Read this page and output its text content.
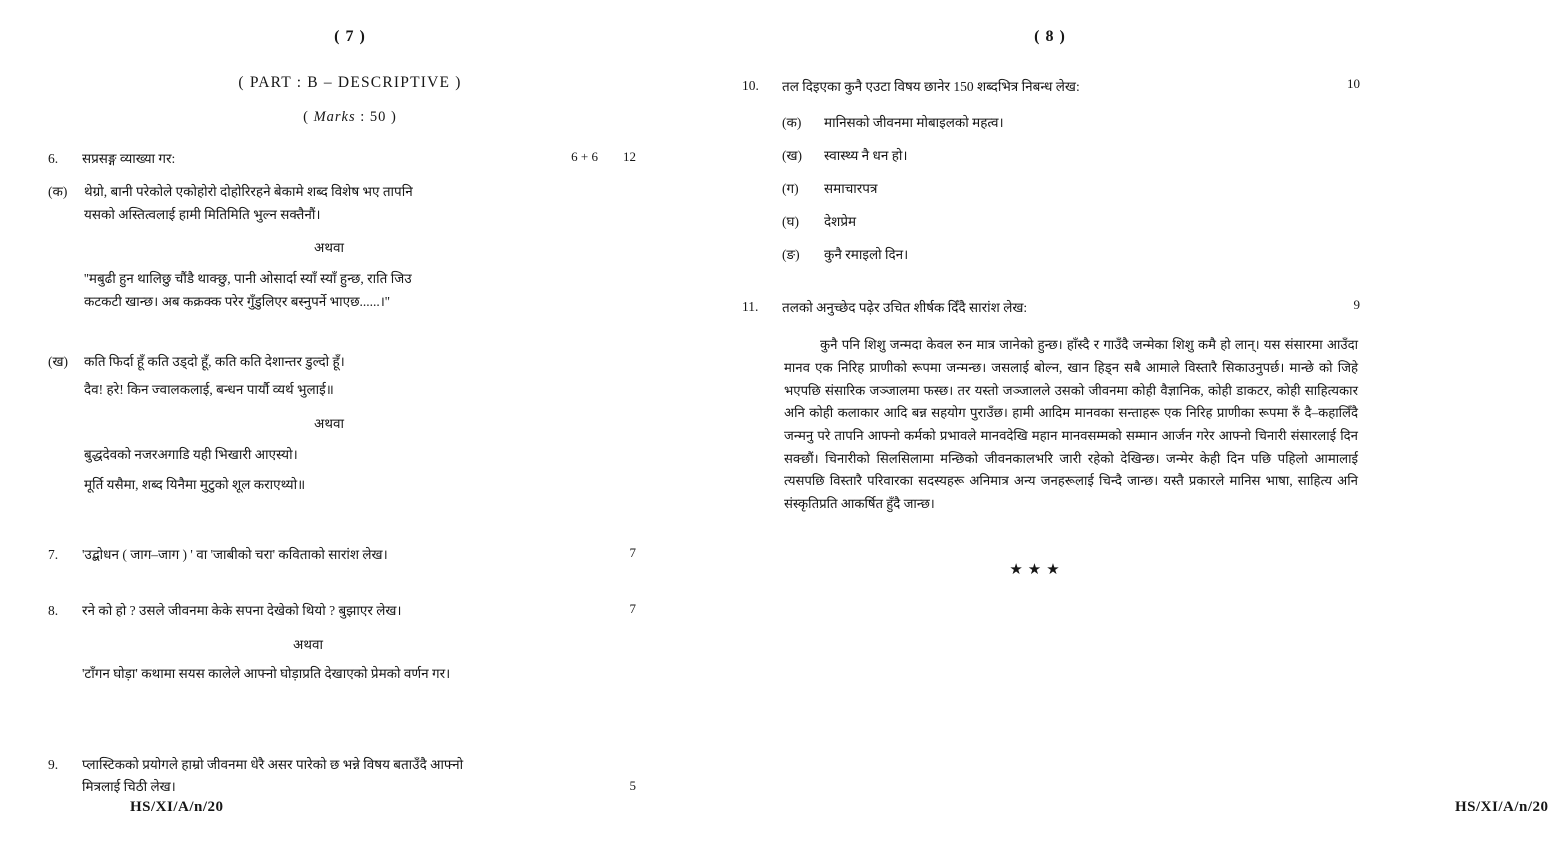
( 7 )
( PART : B – DESCRIPTIVE )
( Marks : 50 )
6.	सप्रसङ्ग व्याख्या गर:	6 + 6 12
(क)	थेग्रो, बानी परेकोले एकोहोरो दोहोरिरहने बेकामे शब्द विशेष भए तापनि
यसको अस्तित्वलाई हामी मितिमिति भुल्न सक्तैनौं।
अथवा
''मबुढी हुन थालिछु चौंडै थाक्छु, पानी ओसार्दा स्याँ स्याँ हुन्छ, राति जिउ
कटकटी खान्छ। अब कक्रक्क परेर गुँडुलिएर बस्नुपर्ने भाएछ......।''
(ख)	कति फिर्दा हूँ कति उड्दो हूँ, कति कति देशान्तर डुल्दो हूँ।
दैव! हरे! किन ज्वालकलाई, बन्धन पार्यौ व्यर्थ भुलाई॥
अथवा
बुद्धदेवको नजरअगाडि यही भिखारी आएस्यो।
मूर्ति यसैमा, शब्द यिनैमा मुटुको शूल कराएथ्यो॥
7.	'उद्बोधन ( जाग–जाग ) ' वा 'जाबीको चरा' कविताको सारांश लेख।	7
8.	रने को हो ? उसले जीवनमा केके सपना देखेको थियो ? बुझाएर लेख।	7
अथवा
'टाँगन घोड़ा' कथामा सयस कालेले आफ्नो घोड़ाप्रति देखाएको प्रेमको वर्णन गर।
9.	प्लास्टिकको प्रयोगले हाम्रो जीवनमा धेरै असर पारेको छ भन्ने विषय बताउँदै आफ्नो
मित्रलाई चिठी लेख।	5
HS/XI/A/n/20
( 8 )
10.	तल दिइएका कुनै एउटा विषय छानेर 150 शब्दभित्र निबन्ध लेख:	10
(क)	मानिसको जीवनमा मोबाइलको महत्व।
(ख)	स्वास्थ्य नै धन हो।
(ग)	समाचारपत्र
(घ)	देशप्रेम
(ङ)	कुनै रमाइलो दिन।
11.	तलको अनुच्छेद पढ़ेर उचित शीर्षक दिँदै सारांश लेख:	9
कुनै पनि शिशु जन्मदा केवल रुन मात्र जानेको हुन्छ। हाँस्दै र गाउँदै जन्मेका शिशु कमै हो लान्। यस संसारमा आउँदा मानव एक निरिह प्राणीको रूपमा जन्मन्छ। जसलाई बोल्न, खान हिड्न सबै आमाले विस्तारै सिकाउनुपर्छ। मान्छे को जिहे भएपछि संसारिक जञ्जालमा फस्छ। तर यस्तो जञ्जालले उसको जीवनमा कोही वैज्ञानिक, कोही डाकटर, कोही साहित्यकार अनि कोही कलाकार आदि बन्न सहयोग पुराउँछ। हामी आदिम मानवका सन्ताहरू एक निरिह प्राणीका रूपमा रुँ दै–कहालिँदै जन्मनु परे तापनि आफ्नो कर्मको प्रभावले मानवदेखि महान मानवसम्मको सम्मान आर्जन गरेर आफ्नो चिनारी संसारलाई दिन सक्छौं। चिनारीको सिलसिलामा मन्छिको जीवनकालभरि जारी रहेको देखिन्छ। जन्मेर केही दिन पछि पहिलो आमालाई त्यसपछि विस्तारै परिवारका सदस्यहरू अनिमात्र अन्य जनहरूलाई चिन्दै जान्छ। यस्तै प्रकारले मानिस भाषा, साहित्य अनि संस्कृतिप्रति आकर्षित हुँदै जान्छ।
★★★
HS/XI/A/n/20
